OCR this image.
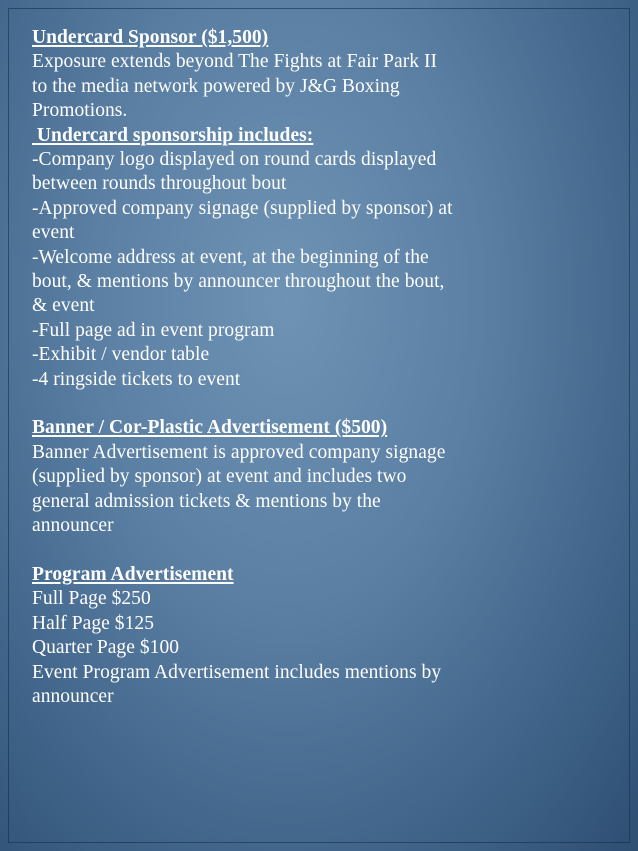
Undercard Sponsor ($1,500)
Exposure extends beyond The Fights at Fair Park II
to the media network powered by J&G Boxing
Promotions.
Undercard sponsorship includes:
-Company logo displayed on round cards displayed
between rounds throughout bout
-Approved company signage (supplied by sponsor) at
event
-Welcome address at event, at the beginning of the
bout, & mentions by announcer throughout the bout,
& event
-Full page ad in event program
-Exhibit / vendor table
-4 ringside tickets to event
Banner / Cor-Plastic Advertisement ($500)
Banner Advertisement is approved company signage
(supplied by sponsor) at event and includes two
general admission tickets & mentions by the
announcer
Program Advertisement
Full Page $250
Half Page $125
Quarter Page $100
Event Program Advertisement includes mentions by
announcer
